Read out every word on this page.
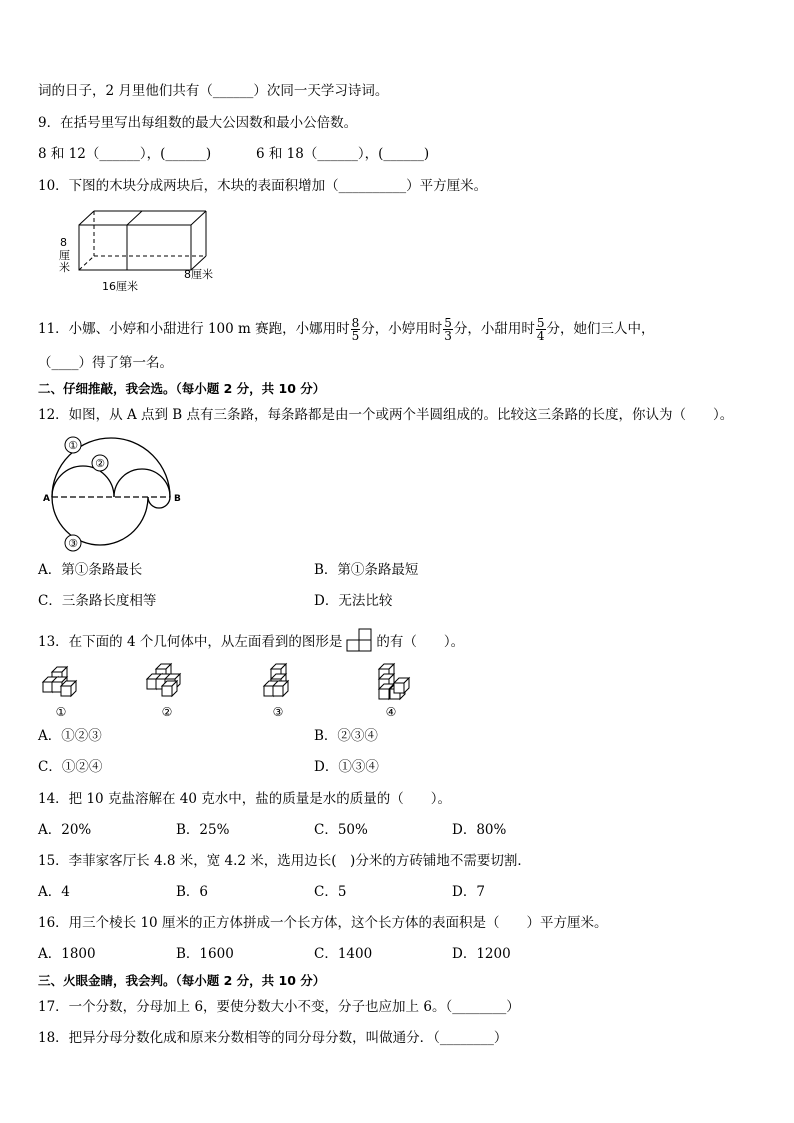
词的日子，2 月里他们共有（______）次同一天学习诗词。
9．在括号里写出每组数的最大公因数和最小公倍数。
8 和 12（______），(______)	6 和 18（______），(______)
10．下图的木块分成两块后，木块的表面积增加（__________）平方厘米。
8
厘
米
8厘米
16厘米
11．小娜、小婷和小甜进行 100 m 赛跑，小娜用时 $\frac{8}{5}$ 分，小婷用时 $\frac{5}{3}$ 分，小甜用时 $\frac{5}{4}$ 分，她们三人中，
（____）得了第一名。
二、仔细推敲，我会选。（每小题 2 分，共 10 分）
12．如图，从 A 点到 B 点有三条路，每条路都是由一个或两个半圆组成的。比较这三条路的长度，你认为（　　）。
①
②
③
A	B
A．第①条路最长	B．第①条路最短
C．三条路长度相等	D．无法比较
13．在下面的 4 个几何体中，从左面看到的图形是	的有（　　）。
①	②	③	④
A．①②③	B．②③④
C．①②④	D．①③④
14．把 10 克盐溶解在 40 克水中，盐的质量是水的质量的（　　）。
A．20%	B．25%	C．50%	D．80%
15．李菲家客厅长 4.8 米，宽 4.2 米，选用边长(　)分米的方砖铺地不需要切割．
A．4	B．6	C．5	D．7
16．用三个棱长 10 厘米的正方体拼成一个长方体，这个长方体的表面积是（　　）平方厘米。
A．1800	B．1600	C．1400	D．1200
三、火眼金睛，我会判。（每小题 2 分，共 10 分）
17．一个分数，分母加上 6，要使分数大小不变，分子也应加上 6。（________）
18．把异分母分数化成和原来分数相等的同分母分数，叫做通分．（________）
